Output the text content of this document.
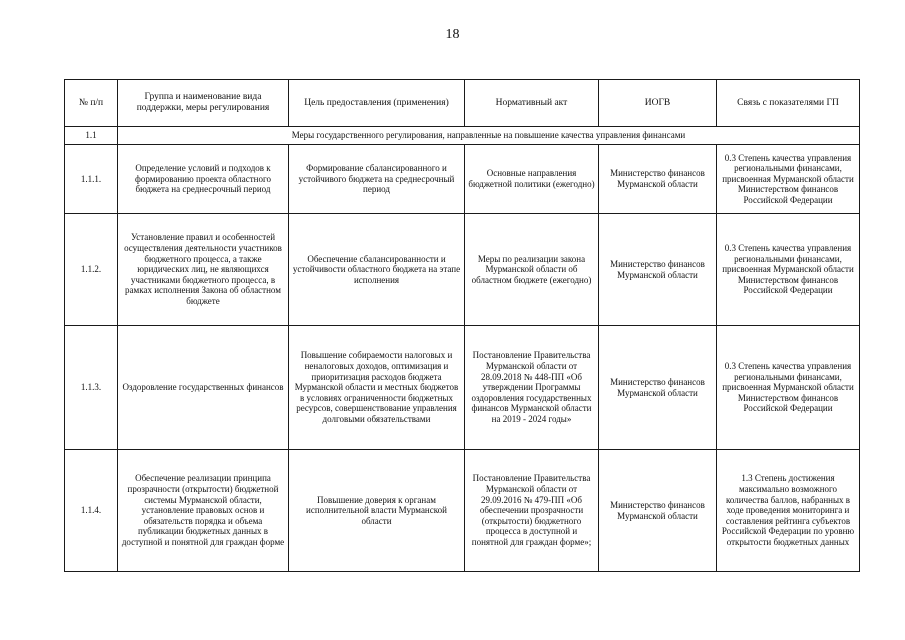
18
№ п/п	Группа и наименование вида поддержки, меры регулирования	Цель предоставления (применения)	Нормативный акт	ИОГВ	Связь с показателями ГП
1.1	Меры государственного регулирования, направленные на повышение качества управления финансами				
1.1.1.	Определение условий и подходов к формированию проекта областного бюджета на среднесрочный период	Формирование сбалансированного и устойчивого бюджета на среднесрочный период	Основные направления бюджетной политики (ежегодно)	Министерство финансов Мурманской области	0.3 Степень качества управления региональными финансами, присвоенная Мурманской области Министерством финансов Российской Федерации
1.1.2.	Установление правил и особенностей осуществления деятельности участников бюджетного процесса, а также юридических лиц, не являющихся участниками бюджетного процесса, в рамках исполнения Закона об областном бюджете	Обеспечение сбалансированности и устойчивости областного бюджета на этапе исполнения	Меры по реализации закона Мурманской области об областном бюджете (ежегодно)	Министерство финансов Мурманской области	0.3 Степень качества управления региональными финансами, присвоенная Мурманской области Министерством финансов Российской Федерации
1.1.3.	Оздоровление государственных финансов	Повышение собираемости налоговых и неналоговых доходов, оптимизация и приоритизация расходов бюджета Мурманской области и местных бюджетов в условиях ограниченности бюджетных ресурсов, совершенствование управления долговыми обязательствами	Постановление Правительства Мурманской области от 28.09.2018 № 448-ПП «Об утверждении Программы оздоровления государственных финансов Мурманской области на 2019 - 2024 годы»	Министерство финансов Мурманской области	0.3 Степень качества управления региональными финансами, присвоенная Мурманской области Министерством финансов Российской Федерации
1.1.4.	Обеспечение реализации принципа прозрачности (открытости) бюджетной системы Мурманской области, установление правовых основ и обязательств порядка и объема публикации бюджетных данных в доступной и понятной для граждан форме	Повышение доверия к органам исполнительной власти Мурманской области	Постановление Правительства Мурманской области от 29.09.2016 № 479-ПП «Об обеспечении прозрачности (открытости) бюджетного процесса в доступной и понятной для граждан форме»;	Министерство финансов Мурманской области	1.3 Степень достижения максимально возможного количества баллов, набранных в ходе проведения мониторинга и составления рейтинга субъектов Российской Федерации по уровню открытости бюджетных данных
